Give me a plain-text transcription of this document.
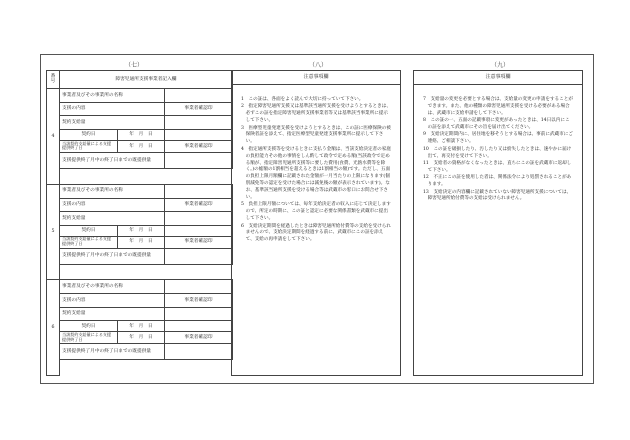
（七）
番号	障害児通所支援事業者記入欄		
4	事業者及びその事業所の名称		
	支援の内容		事業者確認印
	契約支給量		
	契約日	年　月　日	
	当該契約支給量による支援提供終了日	年　月　日	事業者確認印
	支援提供終了月中の終了日までの既提供量		

5	事業者及びその事業所の名称		
	支援の内容		事業者確認印
	契約支給量		
	契約日	年　月　日	
	当該契約支給量による支援提供終了日	年　月　日	事業者確認印
	支援提供終了月中の終了日までの既提供量		

6	事業者及びその事業所の名称		
	支援の内容		事業者確認印
	契約支給量		
	契約日	年　月　日	
	当該契約支給量による支援提供終了日	年　月　日	事業者確認印
	支援提供終了月中の終了日までの既提供量		

（八）
注意事項欄

1　この証は、各面をよく読んで大切に持っていて下さい。

2　指定障害児通所支援又は基準該当通所支援を受けようとするときは、必ずこの証を指定障害児通所支援事業者等又は基準該当事業所に提示して下さい。

3　医療型児童発達支援を受けようとするときは、この証に医療保険の被保険者証を添えて、指定医療型児童発達支援事業所に提示して下さい。

4　指定通所支援等を受けるときに支払う金額は、当該支給決定者の家庭の負担能力その他の事情をしん酌して政令で定める額(当該政令で定める額が、指定障害児通所支援等に要した費用(食費、光熱水費等を除く。)の総額の1割相当を超えるときは1割相当の額)です。ただし、五面の負担上限月額欄に記載された金額が一月当たりの上限になります(個別減免等の認定を受けた場合には減免後の額が表示されています)。なお、基準該当通所支援を受ける場合等は武蔵市の窓口にお問合せ下さい。

5　負担上限月額については、毎年支給決定者の収入に応じて決定しますので、所定の時期に、この証と認定に必要な関係書類を武蔵市に提出して下さい。

6　支給決定期間を経過したときは障害児通所給付費等の支給を受けられませんので、支給決定期間を経過する前に、武蔵市にこの証を添えて、支給の再申請をして下さい。

（九）
注意事項欄

7　支給量の変更を必要とする場合は、支給量の変更の申請をすることができます。また、他の種類の障害児通所支援を受ける必要がある場合は、武蔵市に支給申請をして下さい。

8　この証の一、五面の記載事項に変更があったときは、14日以内にこの証を添えて武蔵市にその旨を届け出てください。

9　支給決定期間内に、居住地を移そうとする場合は、事前に武蔵市にご連絡、ご相談下さい。

10　この証を破損したり、汚したり又は紛失したときは、速やかに届け出て、再交付を受けて下さい。

11　支給者の資格がなくなったときは、直ちにこの証を武蔵市に返却して下さい。

12　不正にこの証を使用した者は、関係法令により処罰されることがあります。

13　支給決定の内容欄に記載されていない障害児通所支援については、障害児通所給付費等の支給は受けられません。
